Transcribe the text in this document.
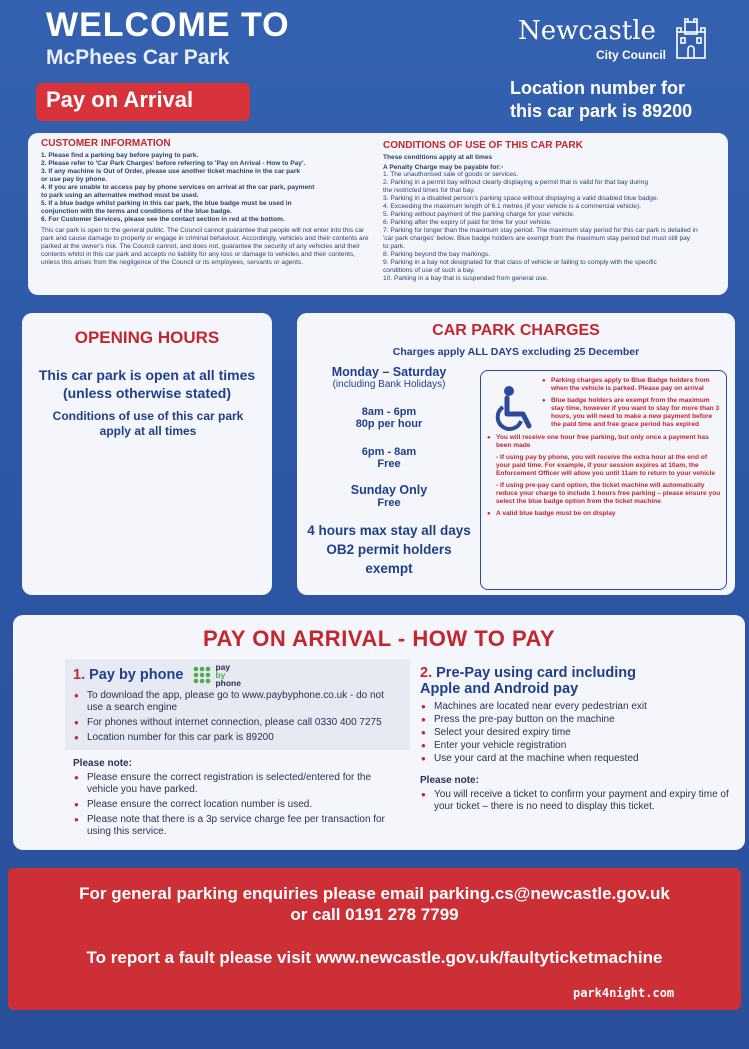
WELCOME TO
McPhees Car Park
Pay on Arrival
Newcastle
City Council
Location number for
this car park is 89200
CUSTOMER INFORMATION
1. Please find a parking bay before paying to park.
2. Please refer to 'Car Park Charges' before referring to 'Pay on Arrival - How to Pay'.
3. If any machine is Out of Order, please use another ticket machine in the car park
or use pay by phone.
4. If you are unable to access pay by phone services on arrival at the car park, payment
to park using an alternative method must be used.
5. If a blue badge whilst parking in this car park, the blue badge must be used in
conjunction with the terms and conditions of the blue badge.
6. For Customer Services, please see the contact section in red at the bottom.

This car park is open to the general public. The Council cannot guarantee that people will not enter into this car park and cause damage to property or engage in criminal behaviour. Accordingly, vehicles and their contents are parked at the owner's risk. The Council cannot, and does not, guarantee the security of any vehicles and their contents whilst in this car park and accepts no liability for any loss or damage to vehicles and their contents, unless this arises from the negligence of the Council or its employees, servants or agents.

CONDITIONS OF USE OF THIS CAR PARK
These conditions apply at all times
A Penalty Charge may be payable for:-
1. The unauthorised sale of goods or services.
2. Parking in a permit bay without clearly displaying a permit that is valid for that bay during
the restricted times for that bay.
3. Parking in a disabled person's parking space without displaying a valid disabled blue badge.
4. Exceeding the maximum length of 6.1 metres (if your vehicle is a commercial vehicle).
5. Parking without payment of the parking charge for your vehicle.
6. Parking after the expiry of paid for time for your vehicle.
7. Parking for longer than the maximum stay period. The maximum stay period for this car park is detailed in
'car park charges' below. Blue badge holders are exempt from the maximum stay period but must still pay
to park.
8. Parking beyond the bay markings.
9. Parking in a bay not designated for that class of vehicle or failing to comply with the specific
conditions of use of such a bay.
10. Parking in a bay that is suspended from general use.
OPENING HOURS
This car park is open at all times
(unless otherwise stated)
Conditions of use of this car park
apply at all times
CAR PARK CHARGES
Charges apply ALL DAYS excluding 25 December
Monday – Saturday
(including Bank Holidays)
8am - 6pm
80p per hour
6pm - 8am
Free
Sunday Only
Free
4 hours max stay all days
OB2 permit holders
exempt
● Parking charges apply to Blue Badge holders from when the vehicle is parked. Please pay on arrival
● Blue badge holders are exempt from the maximum stay time, however if you want to stay for more than 3 hours, you will need to make a new payment before the paid time and free grace period has expired
● You will receive one hour free parking, but only once a payment has been made
- If using pay by phone, you will receive the extra hour at the end of your paid time. For example, if your session expires at 10am, the Enforcement Officer will allow you until 11am to return to your vehicle
- If using pre-pay card option, the ticket machine will automatically reduce your charge to include 1 hours free parking – please ensure you select the blue badge option from the ticket machine
● A valid blue badge must be on display
PAY ON ARRIVAL - HOW TO PAY
1. Pay by phone	pay
by
phone
● To download the app, please go to www.paybyphone.co.uk - do not use a search engine
● For phones without internet connection, please call 0330 400 7275
● Location number for this car park is 89200
Please note:
● Please ensure the correct registration is selected/entered for the vehicle you have parked.
● Please ensure the correct location number is used.
● Please note that there is a 3p service charge fee per transaction for using this service.
2. Pre-Pay using card including
Apple and Android pay
● Machines are located near every pedestrian exit
● Press the pre-pay button on the machine
● Select your desired expiry time
● Enter your vehicle registration
● Use your card at the machine when requested
Please note:
● You will receive a ticket to confirm your payment and expiry time of your ticket – there is no need to display this ticket.
For general parking enquiries please email parking.cs@newcastle.gov.uk
or call 0191 278 7799
To report a fault please visit www.newcastle.gov.uk/faultyticketmachine
park4night.com
